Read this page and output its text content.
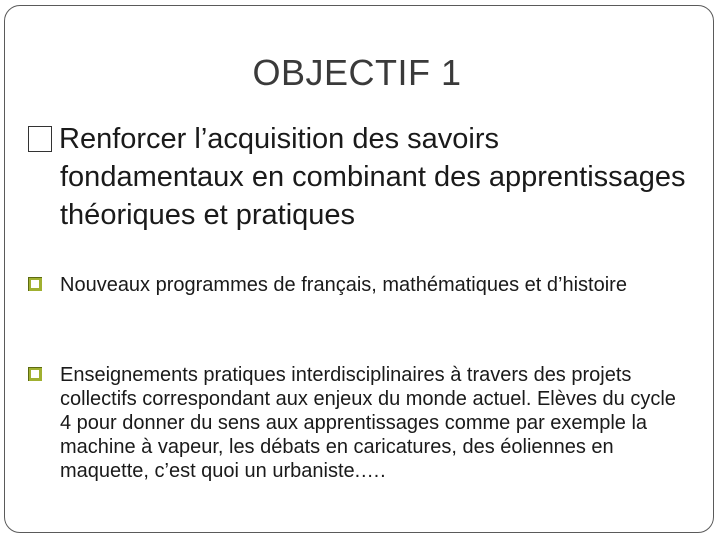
OBJECTIF 1
Renforcer l’acquisition des savoirs fondamentaux en combinant des apprentissages théoriques et pratiques
Nouveaux programmes de français, mathématiques et d’histoire
Enseignements pratiques interdisciplinaires à travers des projets collectifs correspondant aux enjeux du monde actuel. Elèves du cycle 4 pour donner du sens aux apprentissages comme par exemple la machine à vapeur, les débats en caricatures, des éoliennes en maquette, c’est quoi un urbaniste.….
